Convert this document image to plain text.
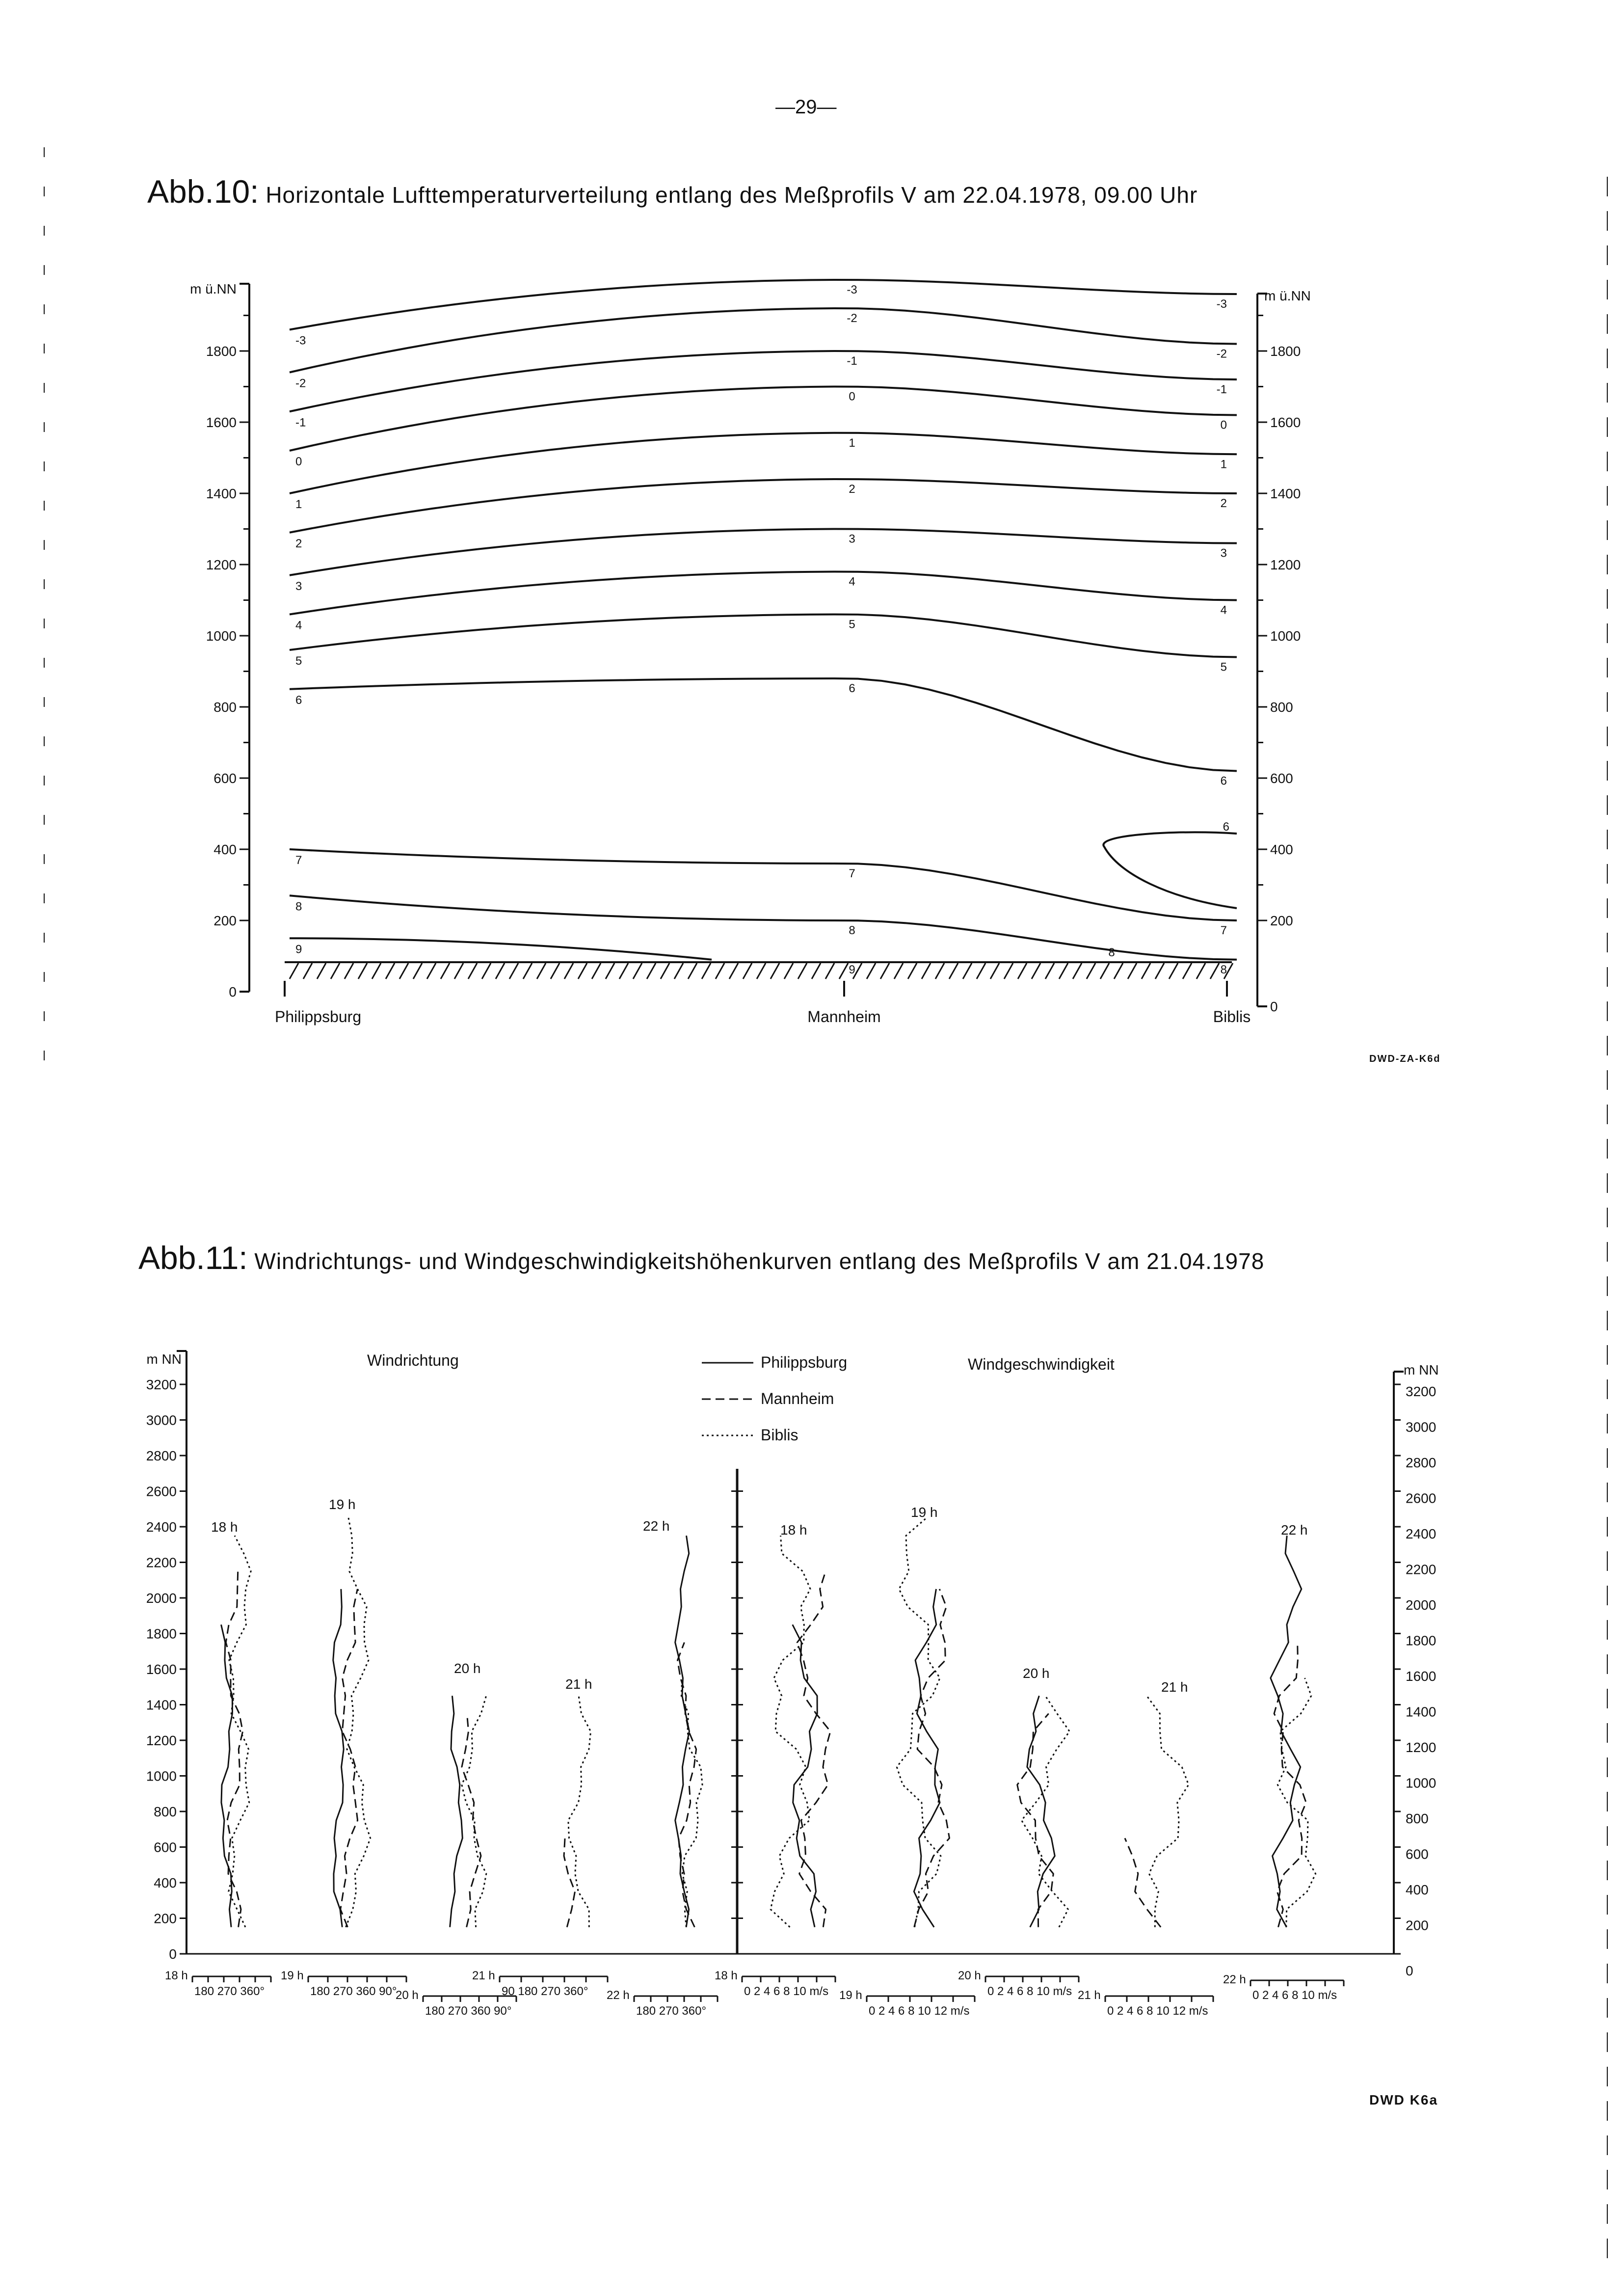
—29—
Abb.10: Horizontale Lufttemperaturverteilung entlang des Meßprofils V am 22.04.1978, 09.00 Uhr
Abb.11: Windrichtungs- und Windgeschwindigkeitshöhenkurven entlang des Meßprofils V am 21.04.1978
DWD-ZA-K6d
DWD K6a
m ü.NN
1800
1600
1400
1200
1000
800
600
400
200
0
m ü.NN
1800
1600
1400
1200
1000
800
600
400
200
0
Philippsburg	Mannheim	Biblis
-3
-3
-3
-2
-2
-2
-1
-1
-1
0
0
0
1
1
1
2
2
2
3
3
3
4
4
4
5
5
5
6
6
6
7
7
7
8
8
8
9
9
6
8
m NN
3200
3000
2800
2600
2400
2200
2000
1800
1600
1400
1200
1000
800
600
400
200
0
m NN
3200
3000
2800
2600
2400
2200
2000
1800
1600
1400
1200
1000
800
600
400
200
0
Windrichtung	Windgeschwindigkeit
Philippsburg
Mannheim
Biblis
18 h
19 h
20 h
21 h
22 h	18 h
19 h
20 h
21 h
22 h
18 h
180 270 360°
19 h
180 270 360 90°
20 h
180 270 360 90°
21 h
90 180 270 360° 22 h
180 270 360°
18 h
0 2 4 6 8 10 m/s 19 h
0 2 4 6 8 10 12 m/s
20 h
0 2 4 6 8 10 m/s 21 h
0 2 4 6 8 10 12 m/s
22 h
0 2 4 6 8 10 m/s
